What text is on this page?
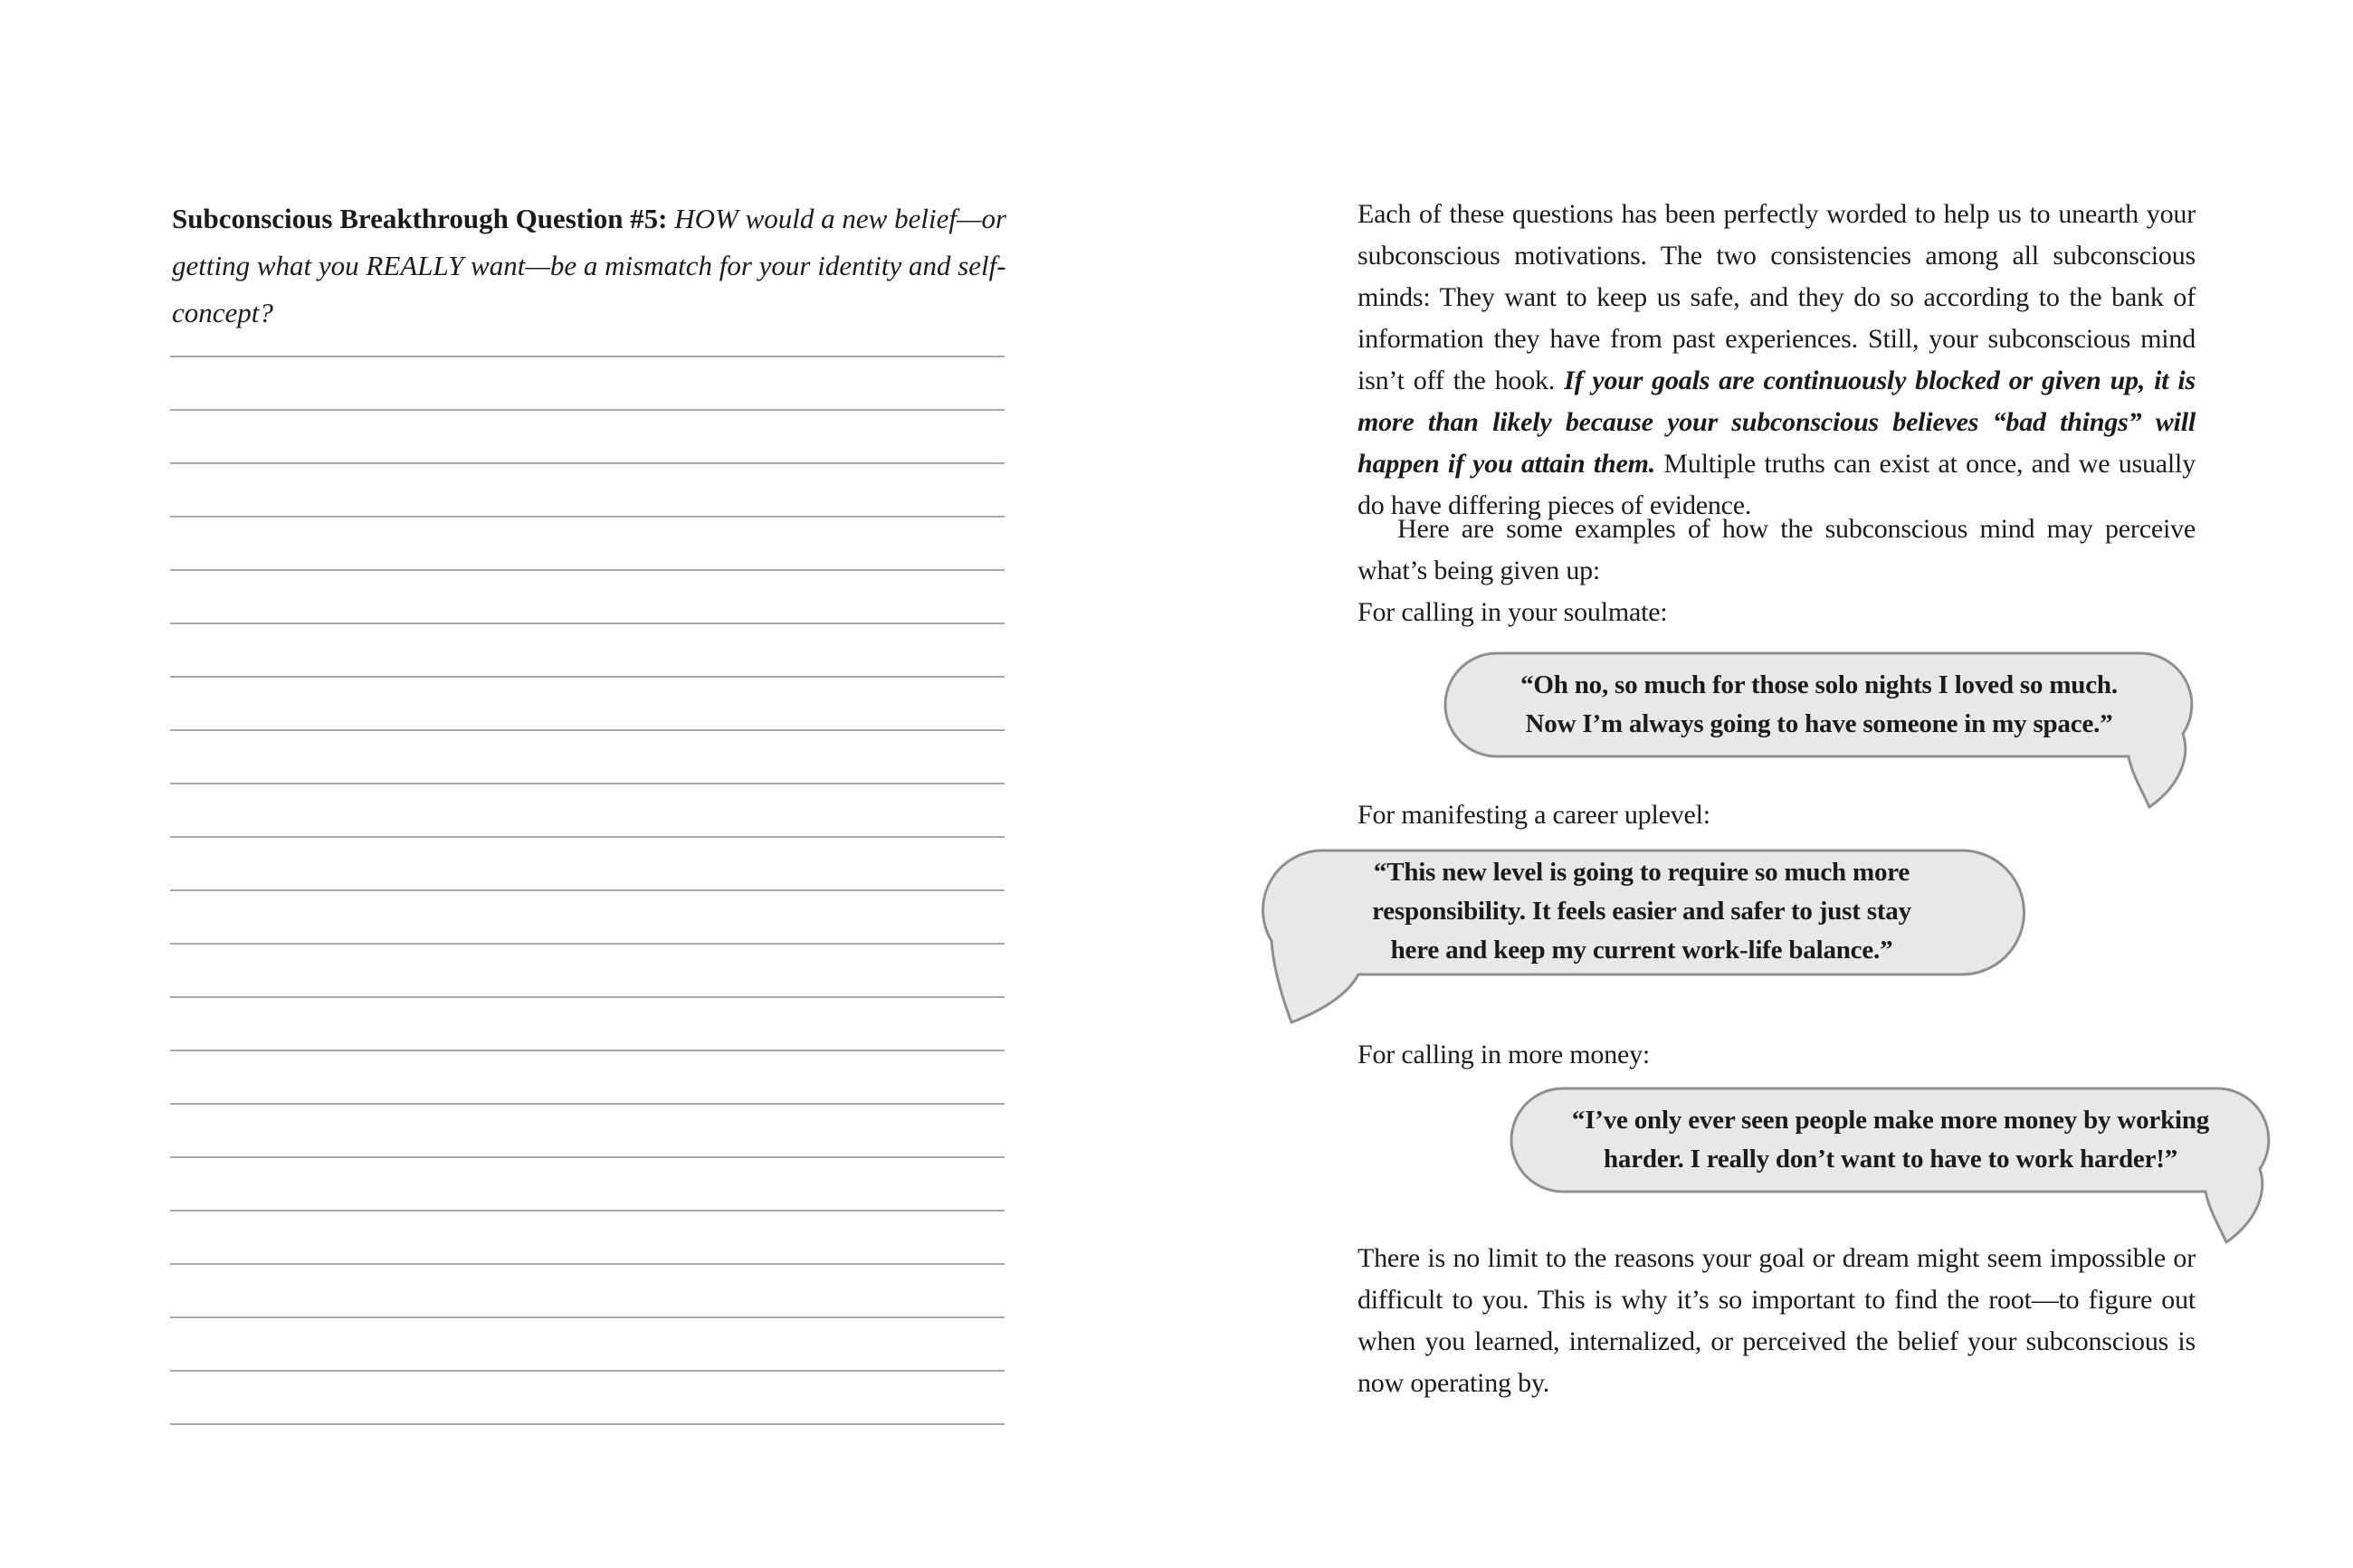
Subconscious Breakthrough Question #5: HOW would a new belief—or getting what you REALLY want—be a mismatch for your identity and self-concept?

Each of these questions has been perfectly worded to help us to unearth your subconscious motivations. The two consistencies among all subconscious minds: They want to keep us safe, and they do so according to the bank of information they have from past experiences. Still, your subconscious mind isn’t off the hook. If your goals are continuously blocked or given up, it is more than likely because your subconscious believes “bad things” will happen if you attain them. Multiple truths can exist at once, and we usually do have differing pieces of evidence.

Here are some examples of how the subconscious mind may perceive what’s being given up:

For calling in your soulmate:

“Oh no, so much for those solo nights I loved so much.
Now I’m always going to have someone in my space.”

For manifesting a career uplevel:

“This new level is going to require so much more
responsibility. It feels easier and safer to just stay
here and keep my current work-life balance.”

For calling in more money:

“I’ve only ever seen people make more money by working
harder. I really don’t want to have to work harder!”

There is no limit to the reasons your goal or dream might seem impossible or difficult to you. This is why it’s so important to find the root—to figure out when you learned, internalized, or perceived the belief your subconscious is now operating by.
